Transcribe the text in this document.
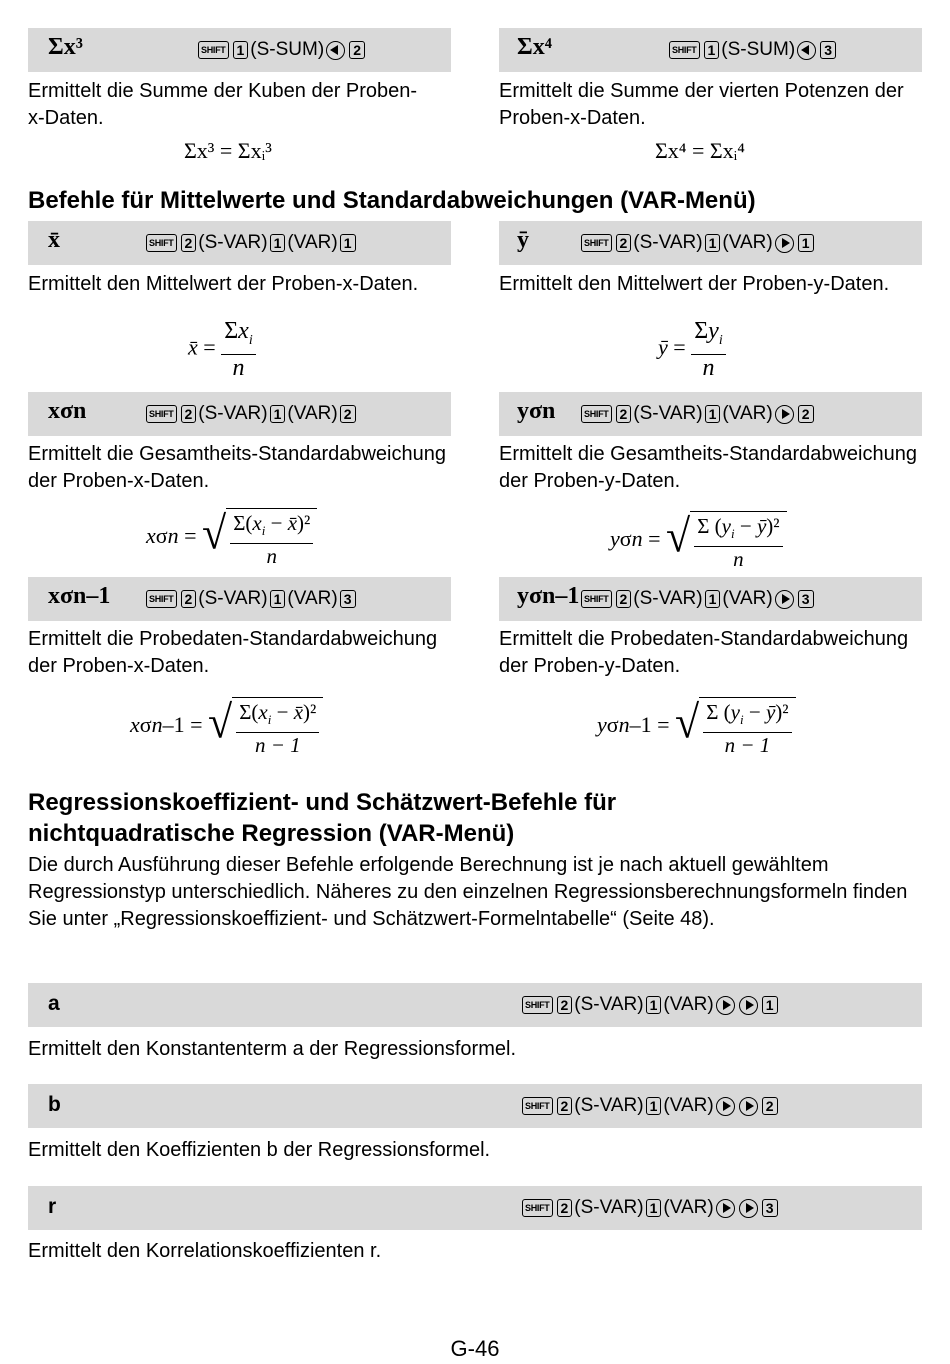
Σx³	SHIFT 1 (S-SUM) 2	Σx⁴	SHIFT 1 (S-SUM) 3
Ermittelt die Summe der Kuben der Proben-x-Daten.
Ermittelt die Summe der vierten Potenzen der Proben-x-Daten.
Σx³ = Σxᵢ³	Σx⁴ = Σxᵢ⁴
Befehle für Mittelwerte und Standardabweichungen (VAR-Menü)
x̄	SHIFT 2 (S-VAR) 1 (VAR) 1	ȳ	SHIFT 2 (S-VAR) 1 (VAR) 1
Ermittelt den Mittelwert der Proben-x-Daten.	Ermittelt den Mittelwert der Proben-y-Daten.
x̄ = $\frac{\Sigma x_i}{n}$	ȳ = $\frac{\Sigma y_i}{n}$
xσn	SHIFT 2 (S-VAR) 1 (VAR) 2	yσn	SHIFT 2 (S-VAR) 1 (VAR) 2
Ermittelt die Gesamtheits-Standardabweichung der Proben-x-Daten.
Ermittelt die Gesamtheits-Standardabweichung der Proben-y-Daten.
xσn = √ $\frac{\Sigma(x_i - x̄)^2}{n}$	yσn = √ $\frac{\Sigma (y_i - ȳ)^2}{n}$
xσn–1	SHIFT 2 (S-VAR) 1 (VAR) 3	yσn–1 SHIFT 2 (S-VAR) 1 (VAR) 3
Ermittelt die Probedaten-Standardabweichung der Proben-x-Daten.
Ermittelt die Probedaten-Standardabweichung der Proben-y-Daten.
xσn–1 = √ $\frac{\Sigma(x_i - x̄)^2}{n - 1}$	yσn–1 = √ $\frac{\Sigma (y_i - ȳ)^2}{n - 1}$
Regressionskoeffizient- und Schätzwert-Befehle für
nichtquadratische Regression (VAR-Menü)
Die durch Ausführung dieser Befehle erfolgende Berechnung ist je nach aktuell gewähltem Regressionstyp unterschiedlich. Näheres zu den einzelnen Regressionsberechnungsformeln finden Sie unter „Regressionskoeffizient- und Schätzwert-Formelntabelle“ (Seite 48).
a	SHIFT 2 (S-VAR) 1 (VAR)	1
Ermittelt den Konstantenterm a der Regressionsformel.
b	SHIFT 2 (S-VAR) 1 (VAR)	2
Ermittelt den Koeffizienten b der Regressionsformel.
r	SHIFT 2 (S-VAR) 1 (VAR)	3
Ermittelt den Korrelationskoeffizienten r.
G-46
